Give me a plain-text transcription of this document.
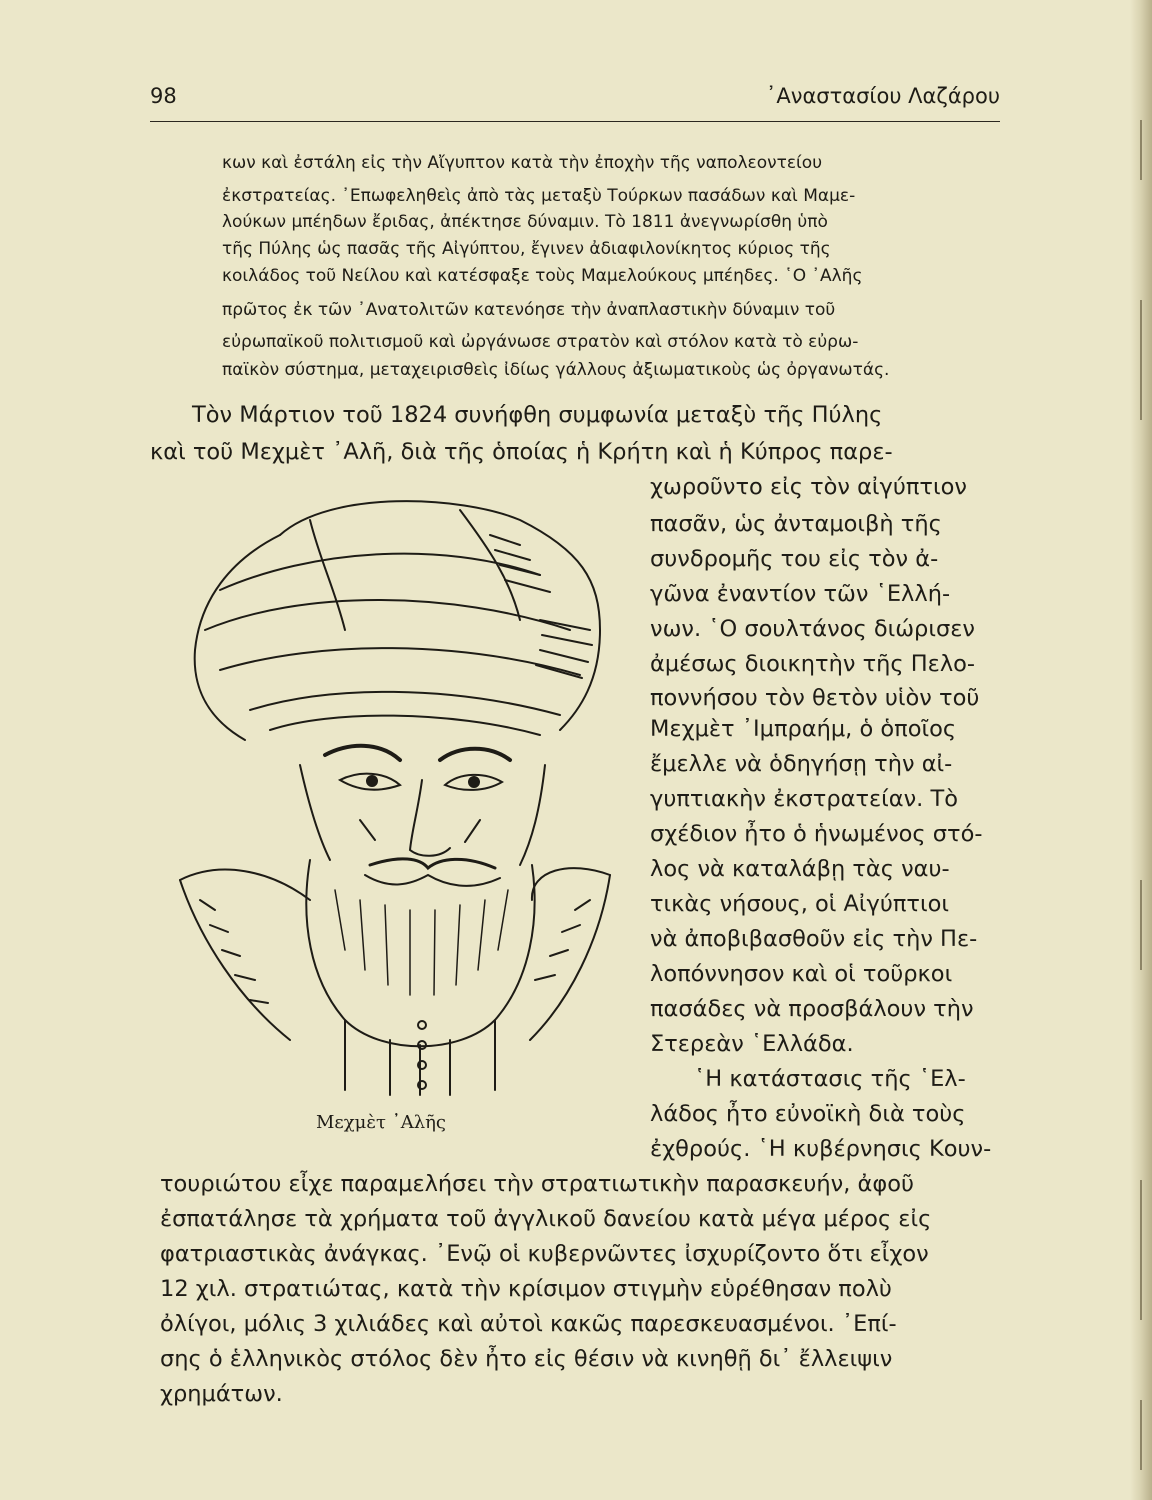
98	᾿Αναστασίου Λαζάρου
κων καὶ ἐστάλη εἰς τὴν Αἴγυπτον κατὰ τὴν ἐποχὴν τῆς ναπολεοντείου
ἐκστρατείας. ᾿Επωφεληθεὶς ἀπὸ τὰς μεταξὺ Τούρκων πασάδων καὶ Μαμε-
λούκων μπέηδων ἔριδας, ἀπέκτησε δύναμιν. Τὸ 1811 ἀνεγνωρίσθη ὑπὸ
τῆς Πύλης ὡς πασᾶς τῆς Αἰγύπτου, ἔγινεν ἀδιαφιλονίκητος κύριος τῆς
κοιλάδος τοῦ Νείλου καὶ κατέσφαξε τοὺς Μαμελούκους μπέηδες. ῾Ο ᾿Αλῆς
πρῶτος ἐκ τῶν ᾿Ανατολιτῶν κατενόησε τὴν ἀναπλαστικὴν δύναμιν τοῦ
εὐρωπαϊκοῦ πολιτισμοῦ καὶ ὠργάνωσε στρατὸν καὶ στόλον κατὰ τὸ εὐρω-
παϊκὸν σύστημα, μεταχειρισθεὶς ἰδίως γάλλους ἀξιωματικοὺς ὡς ὀργανωτάς.
Τὸν Μάρτιον τοῦ 1824 συνήφθη συμφωνία μεταξὺ τῆς Πύλης
καὶ τοῦ Μεχμὲτ ᾿Αλῆ, διὰ τῆς ὁποίας ἡ Κρήτη καὶ ἡ Κύπρος παρε-
χωροῦντο εἰς τὸν αἰγύπτιον
πασᾶν, ὡς ἀνταμοιβὴ τῆς
συνδρομῆς του εἰς τὸν ἀ-
γῶνα ἐναντίον τῶν ῾Ελλή-
νων. ῾Ο σουλτάνος διώρισεν
ἀμέσως διοικητὴν τῆς Πελο-
ποννήσου τὸν θετὸν υἱὸν τοῦ
Μεχμὲτ ᾿Ιμπραήμ, ὁ ὁποῖος
ἔμελλε νὰ ὁδηγήσῃ τὴν αἰ-
γυπτιακὴν ἐκστρατείαν. Τὸ
σχέδιον ἦτο ὁ ἡνωμένος στό-
λος νὰ καταλάβῃ τὰς ναυ-
τικὰς νήσους, οἱ Αἰγύπτιοι
νὰ ἀποβιβασθοῦν εἰς τὴν Πε-
λοπόννησον καὶ οἱ τοῦρκοι
πασάδες νὰ προσβάλουν τὴν
Στερεὰν ῾Ελλάδα.
῾Η κατάστασις τῆς ῾Ελ-
λάδος ἦτο εὐνοϊκὴ διὰ τοὺς
ἐχθρούς. ῾Η κυβέρνησις Κουν-
τουριώτου εἶχε παραμελήσει τὴν στρατιωτικὴν παρασκευήν, ἀφοῦ
ἐσπατάλησε τὰ χρήματα τοῦ ἀγγλικοῦ δανείου κατὰ μέγα μέρος εἰς
φατριαστικὰς ἀνάγκας. ᾿Ενῷ οἱ κυβερνῶντες ἰσχυρίζοντο ὅτι εἶχον
12 χιλ. στρατιώτας, κατὰ τὴν κρίσιμον στιγμὴν εὑρέθησαν πολὺ
ὀλίγοι, μόλις 3 χιλιάδες καὶ αὐτοὶ κακῶς παρεσκευασμένοι. ᾿Επί-
σης ὁ ἑλληνικὸς στόλος δὲν ἦτο εἰς θέσιν νὰ κινηθῇ δι᾿ ἔλλειψιν
χρημάτων.
Μεχμὲτ ᾿Αλῆς
